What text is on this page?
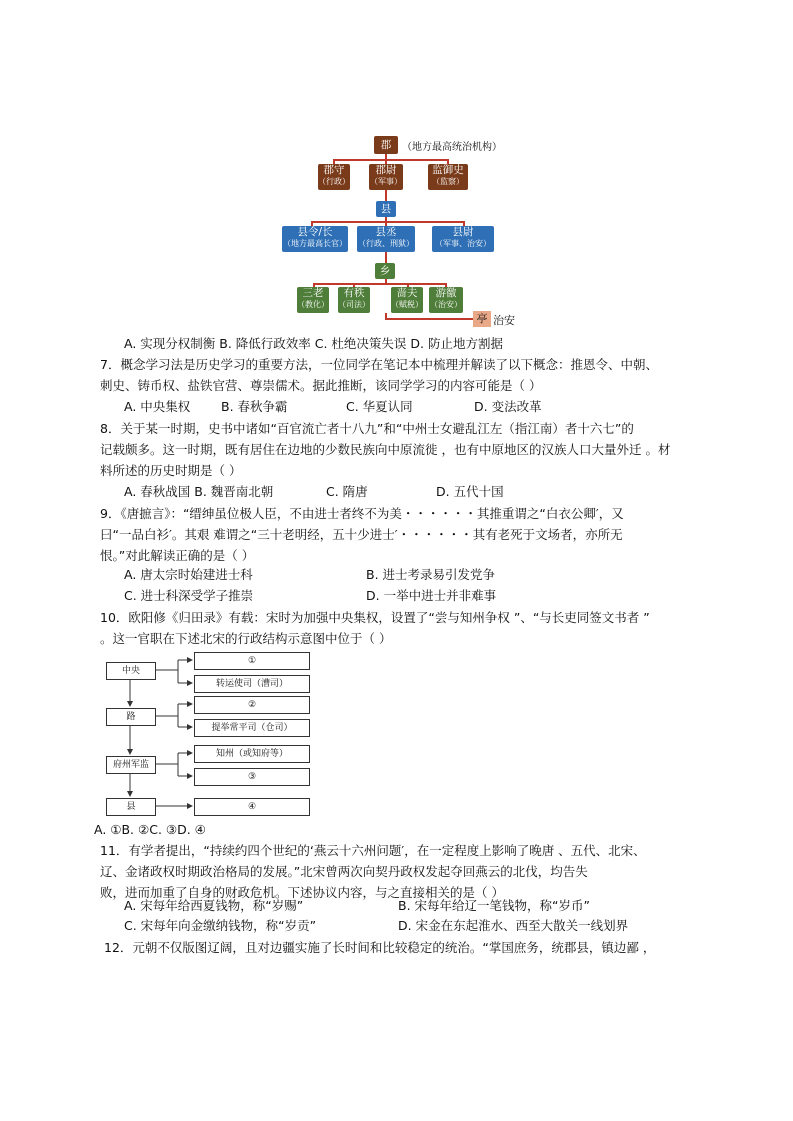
郡	（地方最高统治机构）
郡守
（行政）
郡尉
（军事）
监御史
（监察）
县
县令/长
（地方最高长官）
县丞
（行政、刑狱）
县尉
（军事、治安）
乡
三老
（教化）
有秩
（司法）
啬夫
（赋税）
游徼
（治安）
亭 治安
A. 实现分权制衡 B. 降低行政效率 C. 杜绝决策失误 D. 防止地方割据
7．概念学习法是历史学习的重要方法，一位同学在笔记本中梳理并解读了以下概念：推恩令、中朝、
刺史、铸币权、盐铁官营、尊崇儒术。据此推断，该同学学习的内容可能是（ ）
A. 中央集权 B. 春秋争霸	C. 华夏认同	D. 变法改革
8．关于某一时期，史书中诸如“百官流亡者十八九”和“中州士女避乱江左（指江南）者十六七”的
记载颇多。这一时期，既有居住在边地的少数民族向中原流徙 ，也有中原地区的汉族人口大量外迁 。材
料所述的历史时期是（ ）
A. 春秋战国 B. 魏晋南北朝	C. 隋唐	D. 五代十国
9．《唐摭言》：“缙绅虽位极人臣，不由进士者终不为美・・・・・・其推重谓之“白衣公卿′，又
曰“一品白衫′。其艰 难谓之“三十老明经，五十少进士′・・・・・・其有老死于文场者，亦所无
恨。”对此解读正确的是（ ）
A. 唐太宗时始建进士科	B. 进士考录易引发党争
C. 进士科深受学子推崇	D. 一举中进士并非难事
10．欧阳修《归田录》有载：宋时为加强中央集权，设置了“尝与知州争权 ”、“与长吏同签文书者 ”
。这一官职在下述北宋的行政结构示意图中位于（ ）
中央
路
府州军监
县
①
转运使司（漕司）
②
提举常平司（仓司）
知州（或知府等）
③
④
A. ①B. ②C. ③D. ④
11．有学者提出，“持续约四个世纪的‘燕云十六州问题′，在一定程度上影响了晚唐 、五代、北宋、
辽、金诸政权时期政治格局的发展。”北宋曾两次向契丹政权发起夺回燕云的北伐，均告失
败，进而加重了自身的财政危机。下述协议内容，与之直接相关的是（ ）
A. 宋每年给西夏钱物，称“岁赐”	B. 宋每年给辽一笔钱物，称“岁币”
C. 宋每年向金缴纳钱物，称“岁贡”	D. 宋金在东起淮水、西至大散关一线划界
12．元朝不仅版图辽阔，且对边疆实施了长时间和比较稳定的统治。“掌国庶务，统郡县，镇边鄙 ，
